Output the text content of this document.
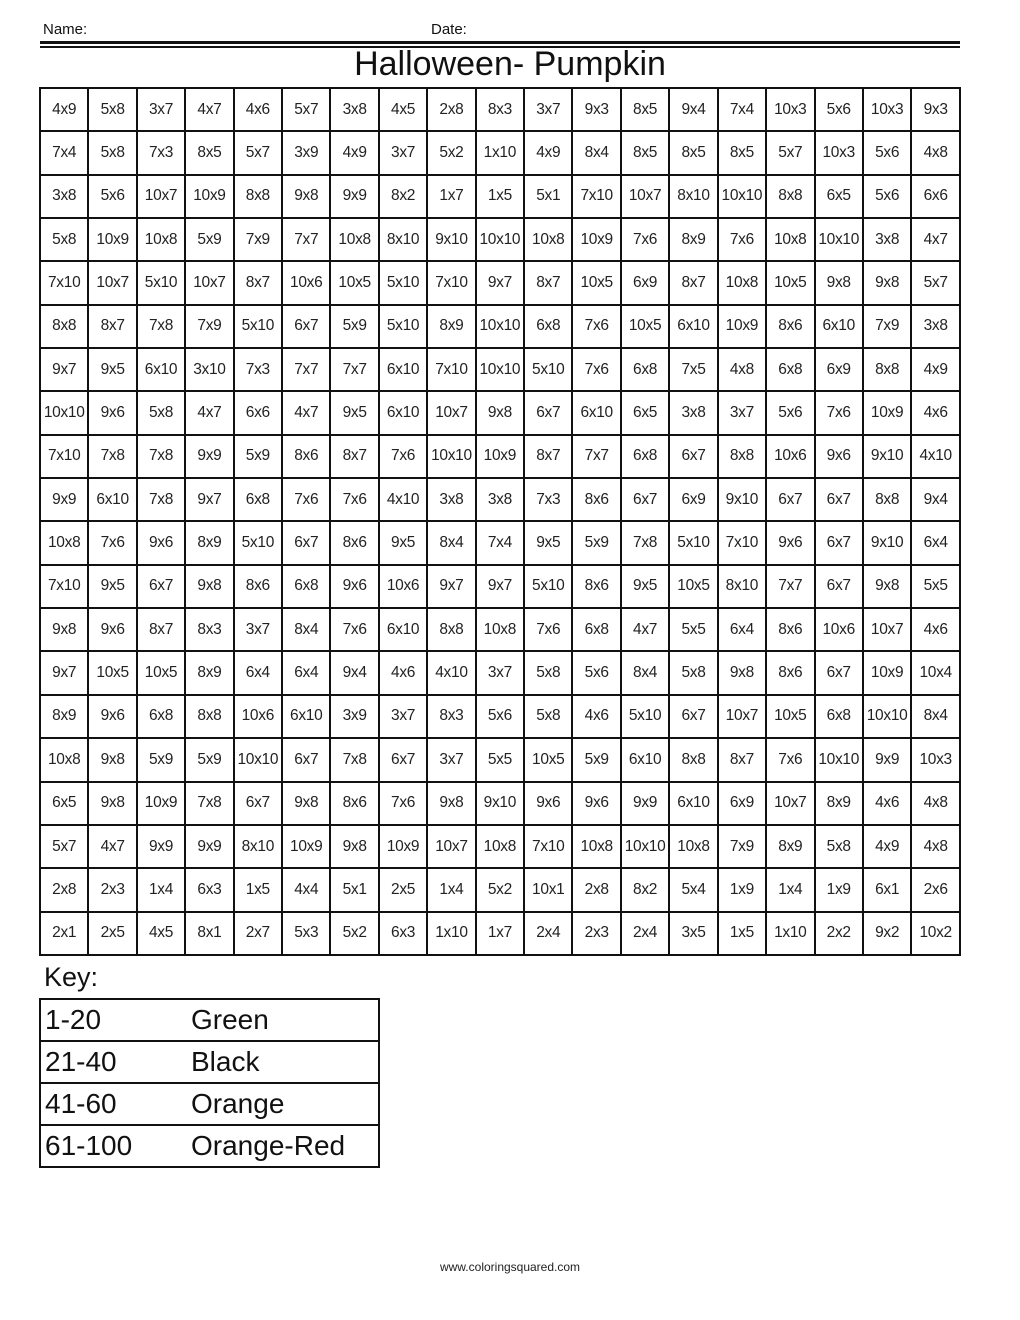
Name:	Date:
Halloween- Pumpkin
4x9	5x8	3x7	4x7	4x6	5x7	3x8	4x5	2x8	8x3	3x7	9x3	8x5	9x4	7x4	10x3	5x6	10x3	9x3
7x4	5x8	7x3	8x5	5x7	3x9	4x9	3x7	5x2	1x10	4x9	8x4	8x5	8x5	8x5	5x7	10x3	5x6	4x8
3x8	5x6	10x7	10x9	8x8	9x8	9x9	8x2	1x7	1x5	5x1	7x10	10x7	8x10	10x10	8x8	6x5	5x6	6x6
5x8	10x9	10x8	5x9	7x9	7x7	10x8	8x10	9x10	10x10	10x8	10x9	7x6	8x9	7x6	10x8	10x10	3x8	4x7
7x10	10x7	5x10	10x7	8x7	10x6	10x5	5x10	7x10	9x7	8x7	10x5	6x9	8x7	10x8	10x5	9x8	9x8	5x7
8x8	8x7	7x8	7x9	5x10	6x7	5x9	5x10	8x9	10x10	6x8	7x6	10x5	6x10	10x9	8x6	6x10	7x9	3x8
9x7	9x5	6x10	3x10	7x3	7x7	7x7	6x10	7x10	10x10	5x10	7x6	6x8	7x5	4x8	6x8	6x9	8x8	4x9
10x10	9x6	5x8	4x7	6x6	4x7	9x5	6x10	10x7	9x8	6x7	6x10	6x5	3x8	3x7	5x6	7x6	10x9	4x6
7x10	7x8	7x8	9x9	5x9	8x6	8x7	7x6	10x10	10x9	8x7	7x7	6x8	6x7	8x8	10x6	9x6	9x10	4x10
9x9	6x10	7x8	9x7	6x8	7x6	7x6	4x10	3x8	3x8	7x3	8x6	6x7	6x9	9x10	6x7	6x7	8x8	9x4
10x8	7x6	9x6	8x9	5x10	6x7	8x6	9x5	8x4	7x4	9x5	5x9	7x8	5x10	7x10	9x6	6x7	9x10	6x4
7x10	9x5	6x7	9x8	8x6	6x8	9x6	10x6	9x7	9x7	5x10	8x6	9x5	10x5	8x10	7x7	6x7	9x8	5x5
9x8	9x6	8x7	8x3	3x7	8x4	7x6	6x10	8x8	10x8	7x6	6x8	4x7	5x5	6x4	8x6	10x6	10x7	4x6
9x7	10x5	10x5	8x9	6x4	6x4	9x4	4x6	4x10	3x7	5x8	5x6	8x4	5x8	9x8	8x6	6x7	10x9	10x4
8x9	9x6	6x8	8x8	10x6	6x10	3x9	3x7	8x3	5x6	5x8	4x6	5x10	6x7	10x7	10x5	6x8	10x10	8x4
10x8	9x8	5x9	5x9	10x10	6x7	7x8	6x7	3x7	5x5	10x5	5x9	6x10	8x8	8x7	7x6	10x10	9x9	10x3
6x5	9x8	10x9	7x8	6x7	9x8	8x6	7x6	9x8	9x10	9x6	9x6	9x9	6x10	6x9	10x7	8x9	4x6	4x8
5x7	4x7	9x9	9x9	8x10	10x9	9x8	10x9	10x7	10x8	7x10	10x8	10x10	10x8	7x9	8x9	5x8	4x9	4x8
2x8	2x3	1x4	6x3	1x5	4x4	5x1	2x5	1x4	5x2	10x1	2x8	8x2	5x4	1x9	1x4	1x9	6x1	2x6
2x1	2x5	4x5	8x1	2x7	5x3	5x2	6x3	1x10	1x7	2x4	2x3	2x4	3x5	1x5	1x10	2x2	9x2	10x2
Key:
1-20	Green
21-40	Black
41-60	Orange
61-100	Orange-Red
www.coloringsquared.com
